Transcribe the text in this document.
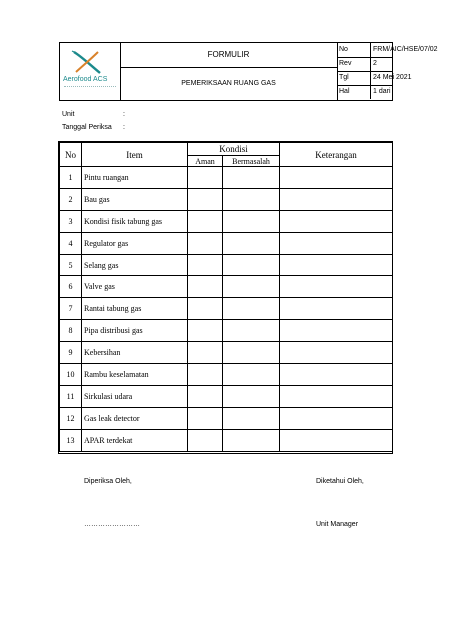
Aerofood ACS
FORMULIR
PEMERIKSAAN RUANG GAS
No	FRM/AIC/HSE/07/02
Rev	2
Tgl	24 Mei 2021
Hal	1 dari
Unit	:
Tanggal Periksa :
No	Item	Kondisi		Keterangan
		Aman	Bermasalah	
1	Pintu ruangan			
2	Bau gas			
3	Kondisi fisik tabung gas			
4	Regulator gas			
5	Selang gas			
6	Valve gas			
7	Rantai tabung gas			
8	Pipa distribusi gas			
9	Kebersihan			
10	Rambu keselamatan			
11	Sirkulasi udara			
12	Gas leak detector			
13	APAR terdekat			
Diperiksa Oleh,	Diketahui Oleh,
……………………	Unit Manager
